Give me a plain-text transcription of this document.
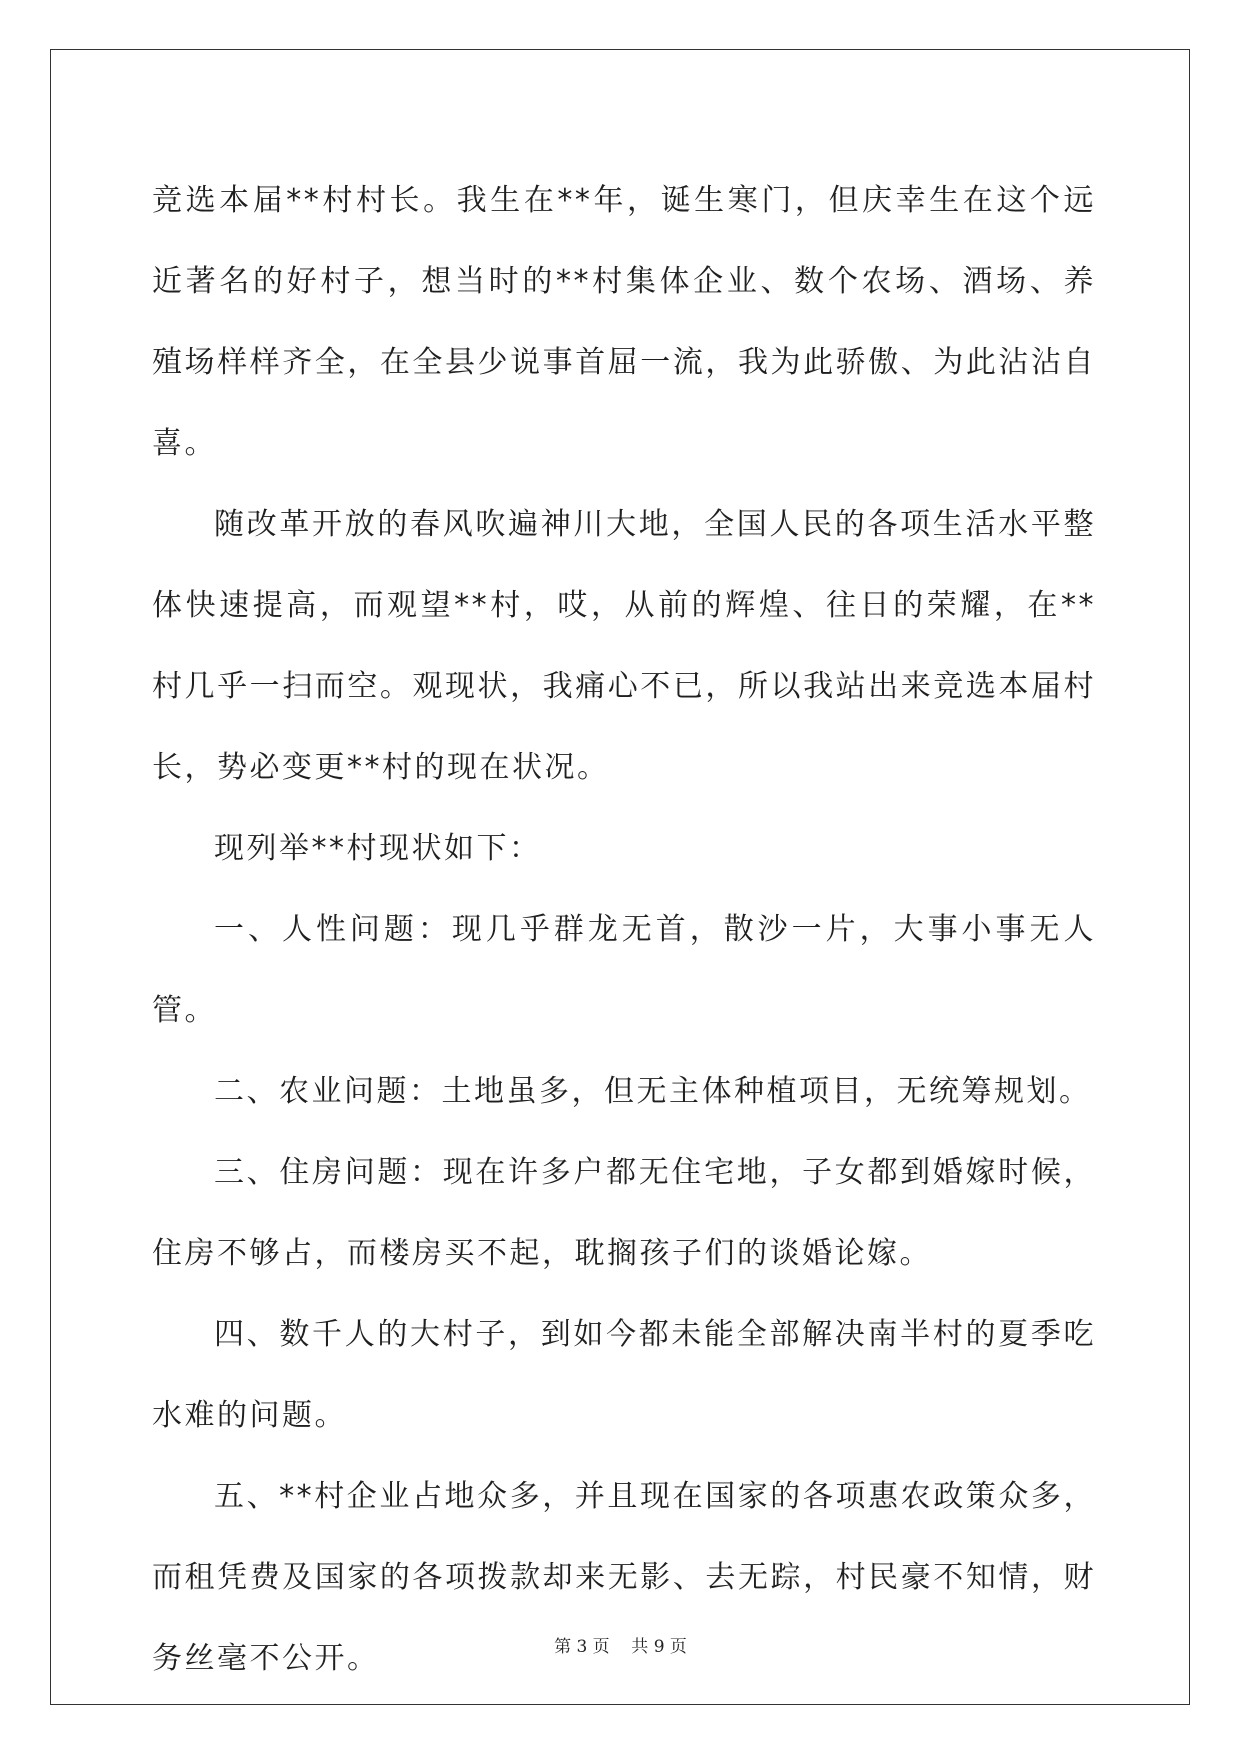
竞选本届**村村长。我生在**年，诞生寒门，但庆幸生在这个远近著名的好村子，想当时的**村集体企业、数个农场、酒场、养殖场样样齐全，在全县少说事首屈一流，我为此骄傲、为此沾沾自喜。

随改革开放的春风吹遍神川大地，全国人民的各项生活水平整体快速提高，而观望**村，哎，从前的辉煌、往日的荣耀，在**村几乎一扫而空。观现状，我痛心不已，所以我站出来竞选本届村长，势必变更**村的现在状况。

现列举**村现状如下：

一、人性问题：现几乎群龙无首，散沙一片，大事小事无人管。

二、农业问题：土地虽多，但无主体种植项目，无统筹规划。

三、住房问题：现在许多户都无住宅地，子女都到婚嫁时候，住房不够占，而楼房买不起，耽搁孩子们的谈婚论嫁。

四、数千人的大村子，到如今都未能全部解决南半村的夏季吃水难的问题。

五、**村企业占地众多，并且现在国家的各项惠农政策众多，而租凭费及国家的各项拨款却来无影、去无踪，村民豪不知情，财务丝毫不公开。	第 3 页    共 9 页
